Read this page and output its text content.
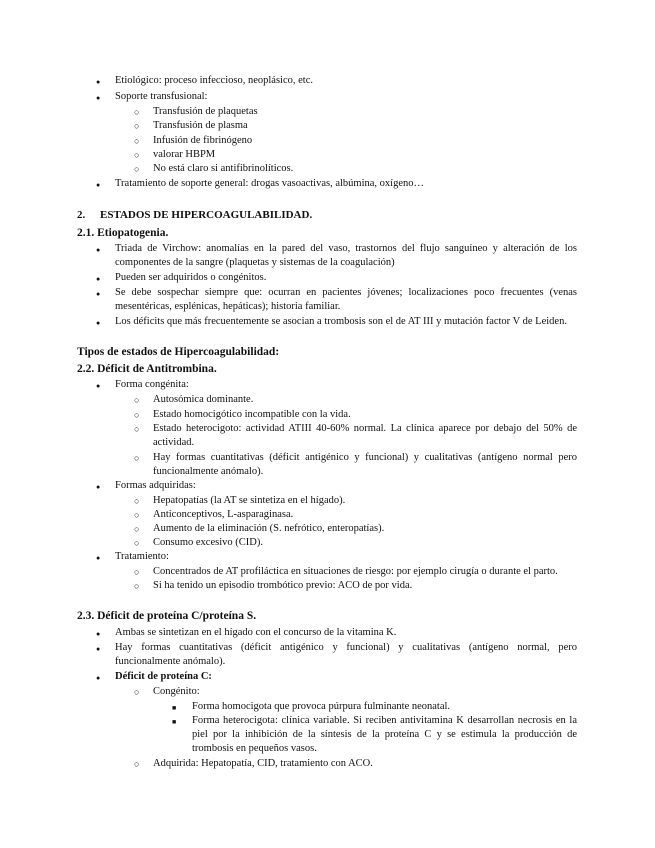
● Etiológico: proceso infeccioso, neoplásico, etc.
● Soporte transfusional:
○ Transfusión de plaquetas
○ Transfusión de plasma
○ Infusión de fibrinógeno
○ valorar HBPM
○ No está claro si antifibrinolíticos.
● Tratamiento de soporte general: drogas vasoactivas, albúmina, oxígeno…
2. ESTADOS DE HIPERCOAGULABILIDAD.
2.1. Etiopatogenia.
● Triada de Virchow: anomalías en la pared del vaso, trastornos del flujo sanguíneo y alteración de los componentes de la sangre (plaquetas y sistemas de la coagulación)
● Pueden ser adquiridos o congénitos.
● Se debe sospechar siempre que: ocurran en pacientes jóvenes; localizaciones poco frecuentes (venas mesentéricas, esplénicas, hepáticas); historia familiar.
● Los déficits que más frecuentemente se asocian a trombosis son el de AT III y mutación factor V de Leiden.
Tipos de estados de Hipercoagulabilidad:
2.2. Déficit de Antitrombina.
● Forma congénita:
○ Autosómica dominante.
○ Estado homocigótico incompatible con la vida.
○ Estado heterocigoto: actividad ATIII 40-60% normal. La clínica aparece por debajo del 50% de actividad.
○ Hay formas cuantitativas (déficit antigénico y funcional) y cualitativas (antígeno normal pero funcionalmente anómalo).
● Formas adquiridas:
○ Hepatopatías (la AT se sintetiza en el hígado).
○ Anticonceptivos, L-asparaginasa.
○ Aumento de la eliminación (S. nefrótico, enteropatías).
○ Consumo excesivo (CID).
● Tratamiento:
○ Concentrados de AT profiláctica en situaciones de riesgo: por ejemplo cirugía o durante el parto.
○ Si ha tenido un episodio trombótico previo: ACO de por vida.
2.3. Déficit de proteína C/proteína S.
● Ambas se sintetizan en el hígado con el concurso de la vitamina K.
● Hay formas cuantitativas (déficit antigénico y funcional) y cualitativas (antígeno normal, pero funcionalmente anómalo).
● Déficit de proteína C:
○ Congénito:
■ Forma homocigota que provoca púrpura fulminante neonatal.
■ Forma heterocigota: clínica variable. Si reciben antivitamina K desarrollan necrosis en la piel por la inhibición de la síntesis de la proteína C y se estimula la producción de trombosis en pequeños vasos.
○ Adquirida: Hepatopatía, CID, tratamiento con ACO.
